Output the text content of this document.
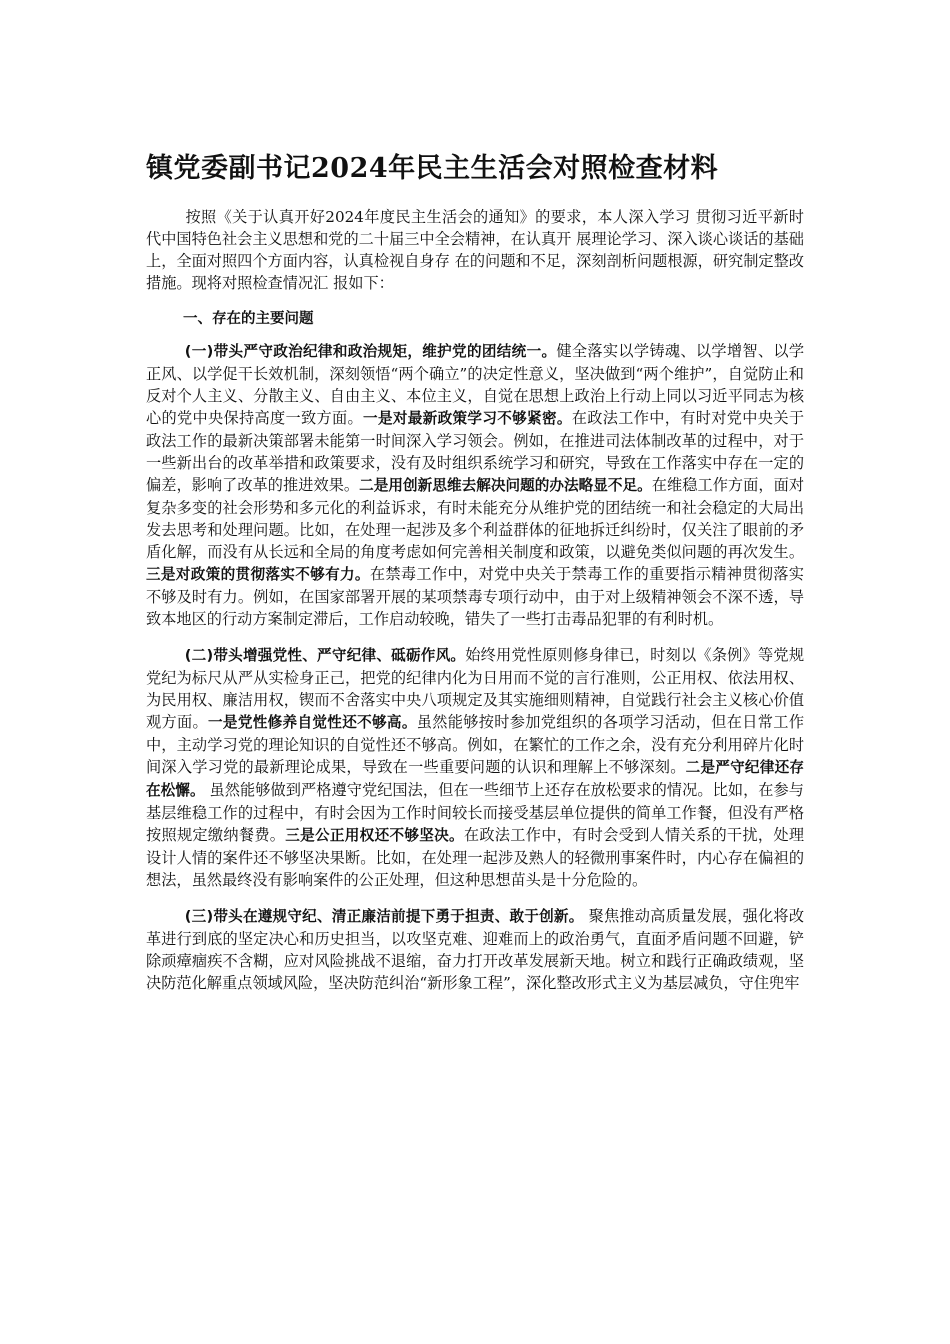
镇党委副书记2024年民主生活会对照检查材料

按照《关于认真开好2024年度民主生活会的通知》的要求，本人深入学习 贯彻习近平新时代中国特色社会主义思想和党的二十届三中全会精神，在认真开 展理论学习、深入谈心谈话的基础上，全面对照四个方面内容，认真检视自身存 在的问题和不足，深刻剖析问题根源，研究制定整改措施。现将对照检查情况汇 报如下：

一、存在的主要问题

(一)带头严守政治纪律和政治规矩，维护党的团结统一。健全落实以学铸魂、以学增智、以学正风、以学促干长效机制，深刻领悟“两个确立”的决定性意义，坚决做到“两个维护”，自觉防止和反对个人主义、分散主义、自由主义、本位主义，自觉在思想上政治上行动上同以习近平同志为核心的党中央保持高度一致方面。一是对最新政策学习不够紧密。在政法工作中，有时对党中央关于政法工作的最新决策部署未能第一时间深入学习领会。例如，在推进司法体制改革的过程中，对于一些新出台的改革举措和政策要求，没有及时组织系统学习和研究，导致在工作落实中存在一定的偏差，影响了改革的推进效果。二是用创新思维去解决问题的办法略显不足。在维稳工作方面，面对复杂多变的社会形势和多元化的利益诉求，有时未能充分从维护党的团结统一和社会稳定的大局出发去思考和处理问题。比如，在处理一起涉及多个利益群体的征地拆迁纠纷时，仅关注了眼前的矛盾化解，而没有从长远和全局的角度考虑如何完善相关制度和政策，以避免类似问题的再次发生。三是对政策的贯彻落实不够有力。在禁毒工作中，对党中央关于禁毒工作的重要指示精神贯彻落实不够及时有力。例如，在国家部署开展的某项禁毒专项行动中，由于对上级精神领会不深不透，导致本地区的行动方案制定滞后，工作启动较晚，错失了一些打击毒品犯罪的有利时机。

(二)带头增强党性、严守纪律、砥砺作风。始终用党性原则修身律已，时刻以《条例》等党规党纪为标尺从严从实检身正己，把党的纪律内化为日用而不觉的言行准则，公正用权、依法用权、为民用权、廉洁用权，锲而不舍落实中央八项规定及其实施细则精神，自觉践行社会主义核心价值观方面。一是党性修养自觉性还不够高。虽然能够按时参加党组织的各项学习活动，但在日常工作中，主动学习党的理论知识的自觉性还不够高。例如，在繁忙的工作之余，没有充分利用碎片化时间深入学习党的最新理论成果，导致在一些重要问题的认识和理解上不够深刻。二是严守纪律还存在松懈。 虽然能够做到严格遵守党纪国法，但在一些细节上还存在放松要求的情况。比如，在参与基层维稳工作的过程中，有时会因为工作时间较长而接受基层单位提供的简单工作餐，但没有严格按照规定缴纳餐费。三是公正用权还不够坚决。在政法工作中，有时会受到人情关系的干扰，处理设计人情的案件还不够坚决果断。比如，在处理一起涉及熟人的轻微刑事案件时，内心存在偏袒的想法，虽然最终没有影响案件的公正处理，但这种思想苗头是十分危险的。

(三)带头在遵规守纪、清正廉洁前提下勇于担责、敢于创新。 聚焦推动高质量发展，强化将改革进行到底的坚定决心和历史担当，以攻坚克难、迎难而上的政治勇气，直面矛盾问题不回避，铲除顽瘴痼疾不含糊，应对风险挑战不退缩，奋力打开改革发展新天地。树立和践行正确政绩观，坚决防范化解重点领域风险，坚决防范纠治“新形象工程”，深化整改形式主义为基层减负，守住兜牢
